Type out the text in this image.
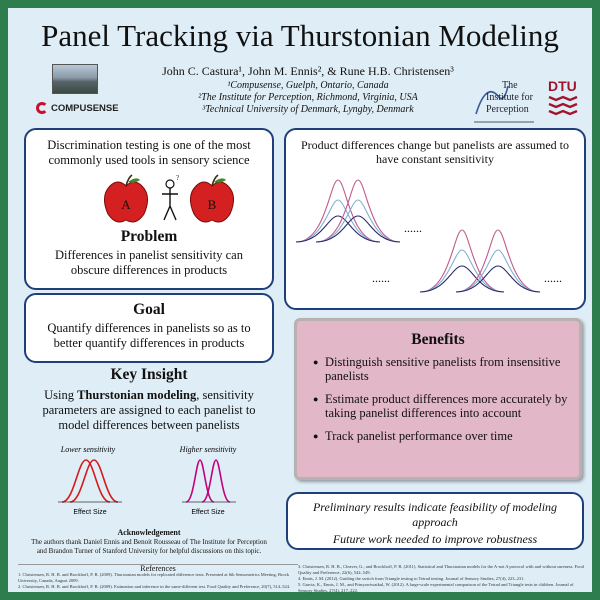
Panel Tracking via Thurstonian Modeling
John C. Castura¹, John M. Ennis², & Rune H.B. Christensen³
¹Compusense, Guelph, Ontario, Canada
²The Institute for Perception, Richmond, Virginia, USA
³Technical University of Denmark, Lyngby, Denmark
COMPUSENSE
The
Institute for
Perception
DTU
Discrimination testing is one of the most commonly used tools in sensory science
A
?
B
Problem
Differences in panelist sensitivity can obscure differences in products
Goal
Quantify differences in panelists so as to better quantify differences in products
Key Insight
Using Thurstonian modeling, sensitivity parameters are assigned to each panelist to model differences between panelists
Lower sensitivity	Higher sensitivity
Effect Size	Effect Size
Product differences change but panelists are assumed to have constant sensitivity
......
......	......
Benefits
● Distinguish sensitive panelists from insensitive panelists
● Estimate product differences more accurately by taking panelist differences into account
● Track panelist performance over time
Preliminary results indicate feasibility of modeling approach
Future work needed to improve robustness
Acknowledgement
The authors thank Daniel Ennis and Benoit Rousseau of The Institute for Perception and Brandon Turner of Stanford University for helpful discussions on this topic.
References
1. Christensen, R. H. B. and Brockhoff, P. B. (2009). Thurstonian models for replicated difference tests. Presented at 6th Sensometrics Meeting, Brock University, Canada, August 2009.
2. Christensen, R. H. B. and Brockhoff, P. B. (2009). Estimation and inference in the same-different test. Food Quality and Preference, 20(7), 514–524.
3. Christensen, R. H. B., Cleaver, G., and Brockhoff, P. B. (2011). Statistical and Thurstonian models for the A-not A protocol with and without sureness. Food Quality and Preference, 22(6), 542–549.
4. Ennis, J. M. (2012). Guiding the switch from Triangle testing to Tetrad testing. Journal of Sensory Studies, 27(4), 223–231.
5. Garcia, K., Ennis, J. M., and Prinyawiwatkul, W. (2012). A large-scale experimental comparison of the Tetrad and Triangle tests in children. Journal of Sensory Studies, 27(4), 217–222.
